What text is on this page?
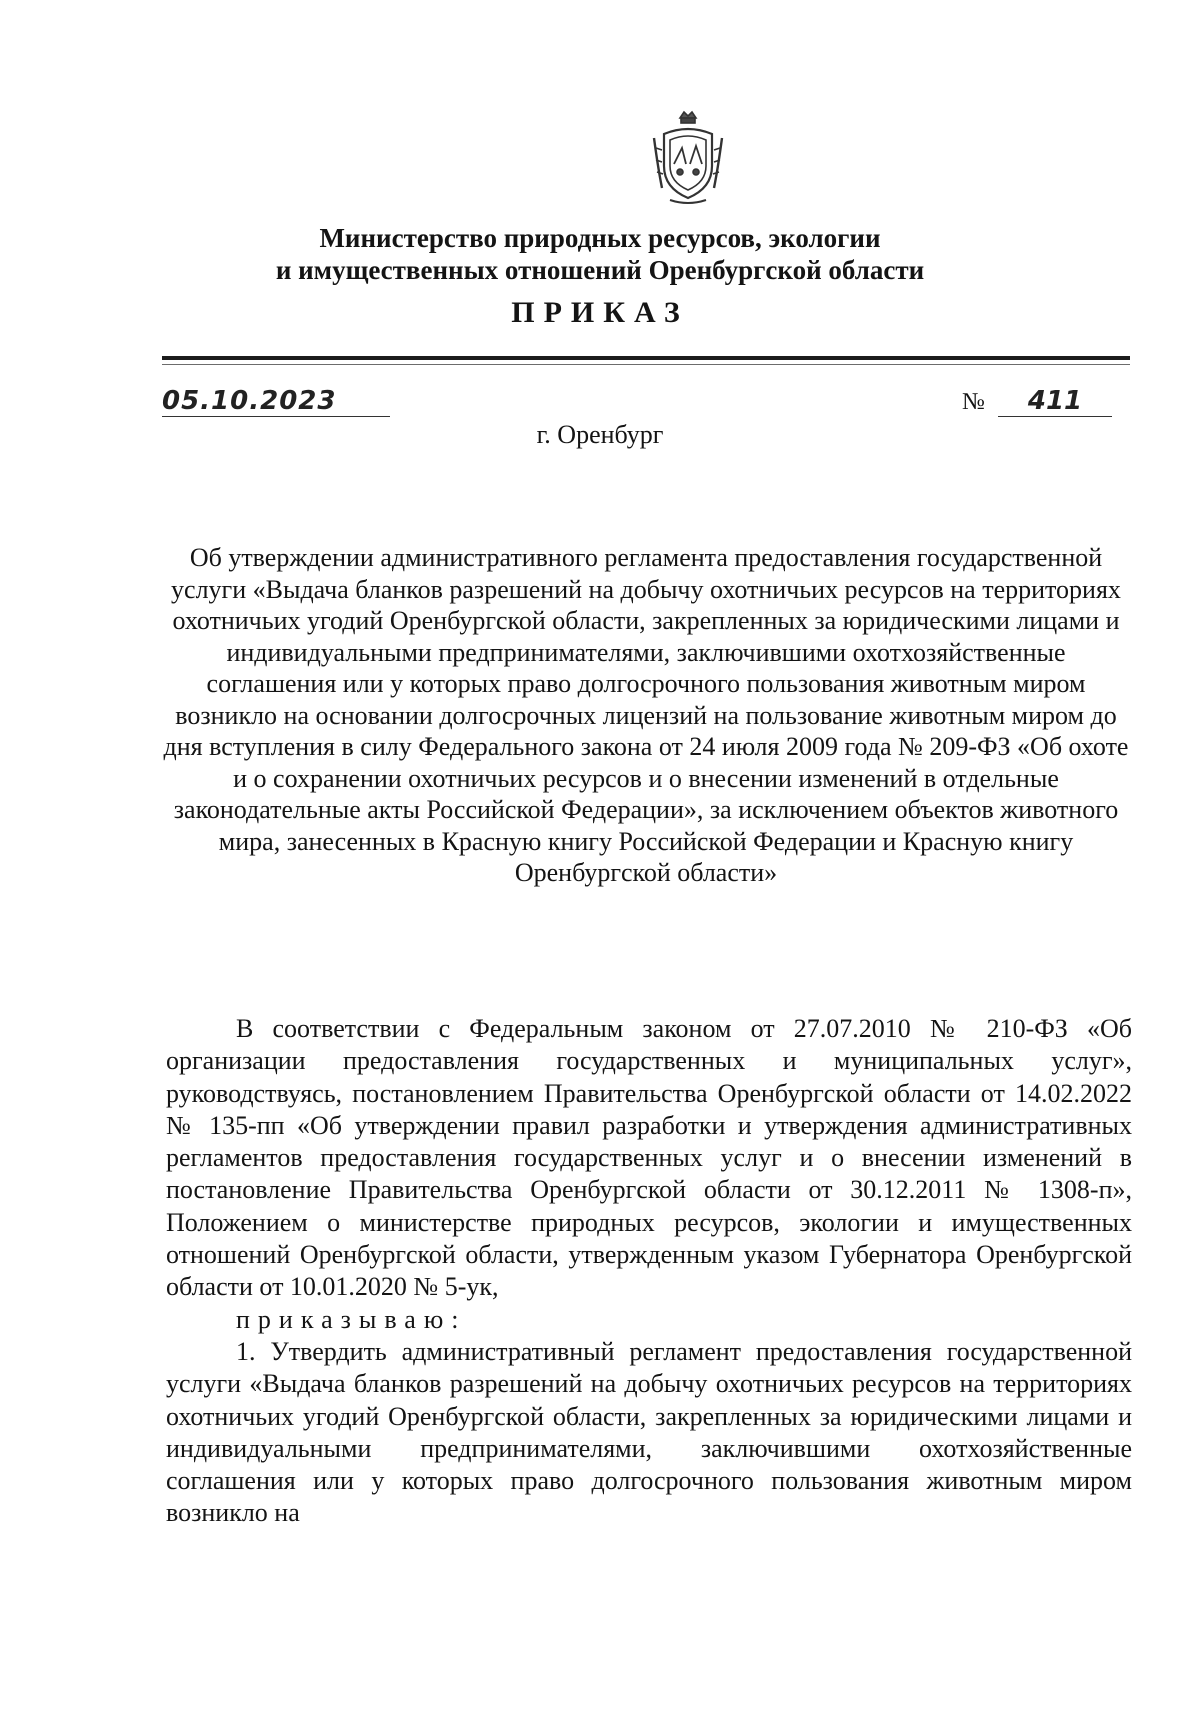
Министерство природных ресурсов, экологии
и имущественных отношений Оренбургской области
ПРИКАЗ
05.10.2023	№	411
г. Оренбург
Об утверждении административного регламента предоставления государственной услуги «Выдача бланков разрешений на добычу охотничьих ресурсов на территориях охотничьих угодий Оренбургской области, закрепленных за юридическими лицами и индивидуальными предпринимателями, заключившими охотхозяйственные соглашения или у которых право долгосрочного пользования животным миром возникло на основании долгосрочных лицензий на пользование животным миром до дня вступления в силу Федерального закона от 24 июля 2009 года № 209-ФЗ «Об охоте и о сохранении охотничьих ресурсов и о внесении изменений в отдельные законодательные акты Российской Федерации», за исключением объектов животного мира, занесенных в Красную книгу Российской Федерации и Красную книгу Оренбургской области»

В соответствии с Федеральным законом от 27.07.2010 № 210-ФЗ «Об организации предоставления государственных и муниципальных услуг», руководствуясь, постановлением Правительства Оренбургской области от 14.02.2022 № 135-пп «Об утверждении правил разработки и утверждения административных регламентов предоставления государственных услуг и о внесении изменений в постановление Правительства Оренбургской области от 30.12.2011 № 1308-п», Положением о министерстве природных ресурсов, экологии и имущественных отношений Оренбургской области, утвержденным указом Губернатора Оренбургской области от 10.01.2020 № 5-ук,

приказываю:

1. Утвердить административный регламент предоставления государственной услуги «Выдача бланков разрешений на добычу охотничьих ресурсов на территориях охотничьих угодий Оренбургской области, закрепленных за юридическими лицами и индивидуальными предпринимателями, заключившими охотхозяйственные соглашения или у которых право долгосрочного пользования животным миром возникло на
